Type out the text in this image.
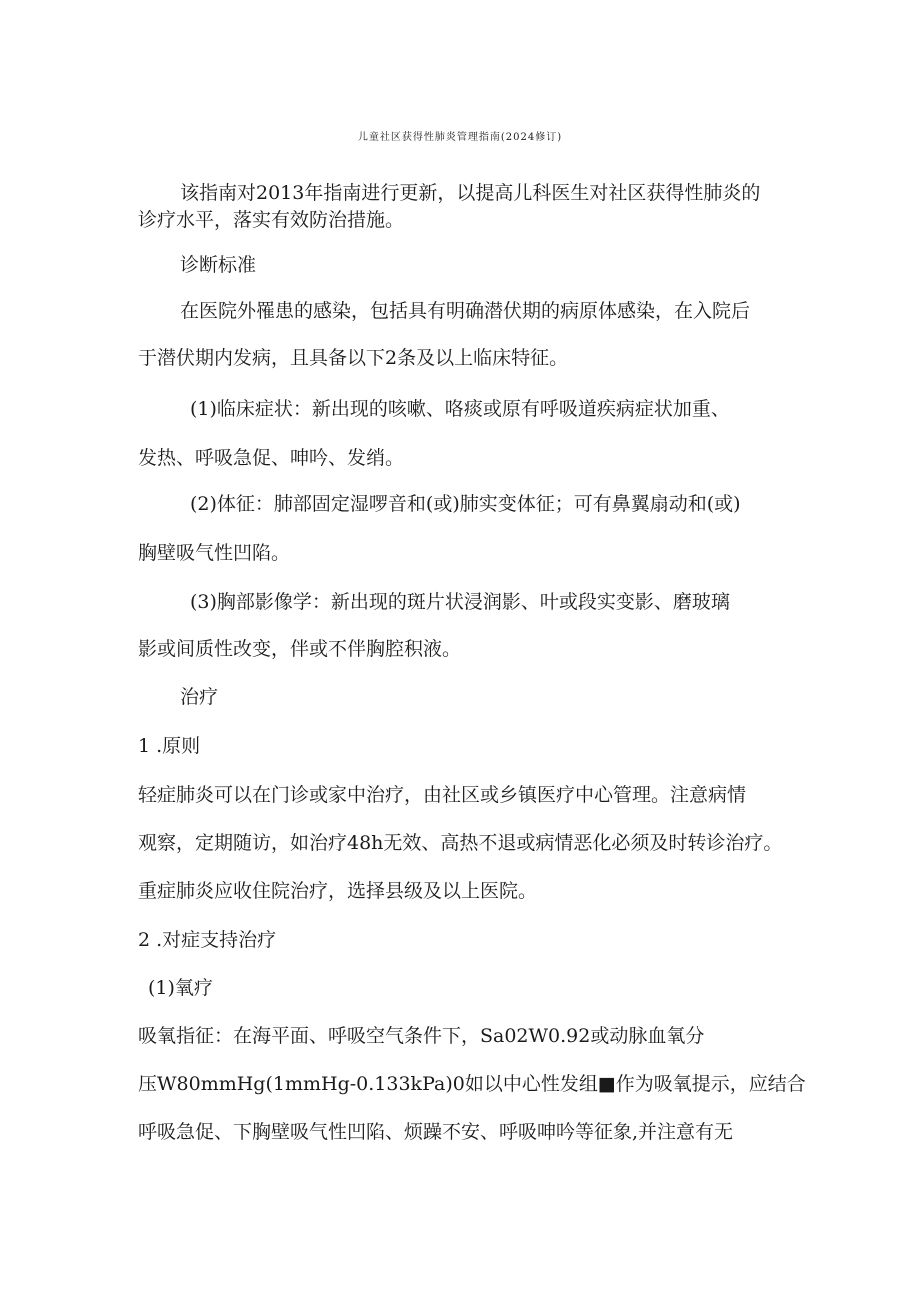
儿童社区获得性肺炎管理指南(2024修订)
该指南对2013年指南进行更新，以提高儿科医生对社区获得性肺炎的
诊疗水平，落实有效防治措施。
诊断标准
在医院外罹患的感染，包括具有明确潜伏期的病原体感染，在入院后
于潜伏期内发病，且具备以下2条及以上临床特征。
(1)临床症状：新出现的咳嗽、咯痰或原有呼吸道疾病症状加重、
发热、呼吸急促、呻吟、发绡。
(2)体征：肺部固定湿啰音和(或)肺实变体征；可有鼻翼扇动和(或)
胸壁吸气性凹陷。
(3)胸部影像学：新出现的斑片状浸润影、叶或段实变影、磨玻璃
影或间质性改变，伴或不伴胸腔积液。
治疗
1 .原则
轻症肺炎可以在门诊或家中治疗，由社区或乡镇医疗中心管理。注意病情
观察，定期随访，如治疗48h无效、高热不退或病情恶化必须及时转诊治疗。
重症肺炎应收住院治疗，选择县级及以上医院。
2 .对症支持治疗
(1)氧疗
吸氧指征：在海平面、呼吸空气条件下，Sa02W0.92或动脉血氧分
压W80mmHg(1mmHg-0.133kPa)0如以中心性发组■作为吸氧提示，应结合
呼吸急促、下胸壁吸气性凹陷、烦躁不安、呼吸呻吟等征象,并注意有无
